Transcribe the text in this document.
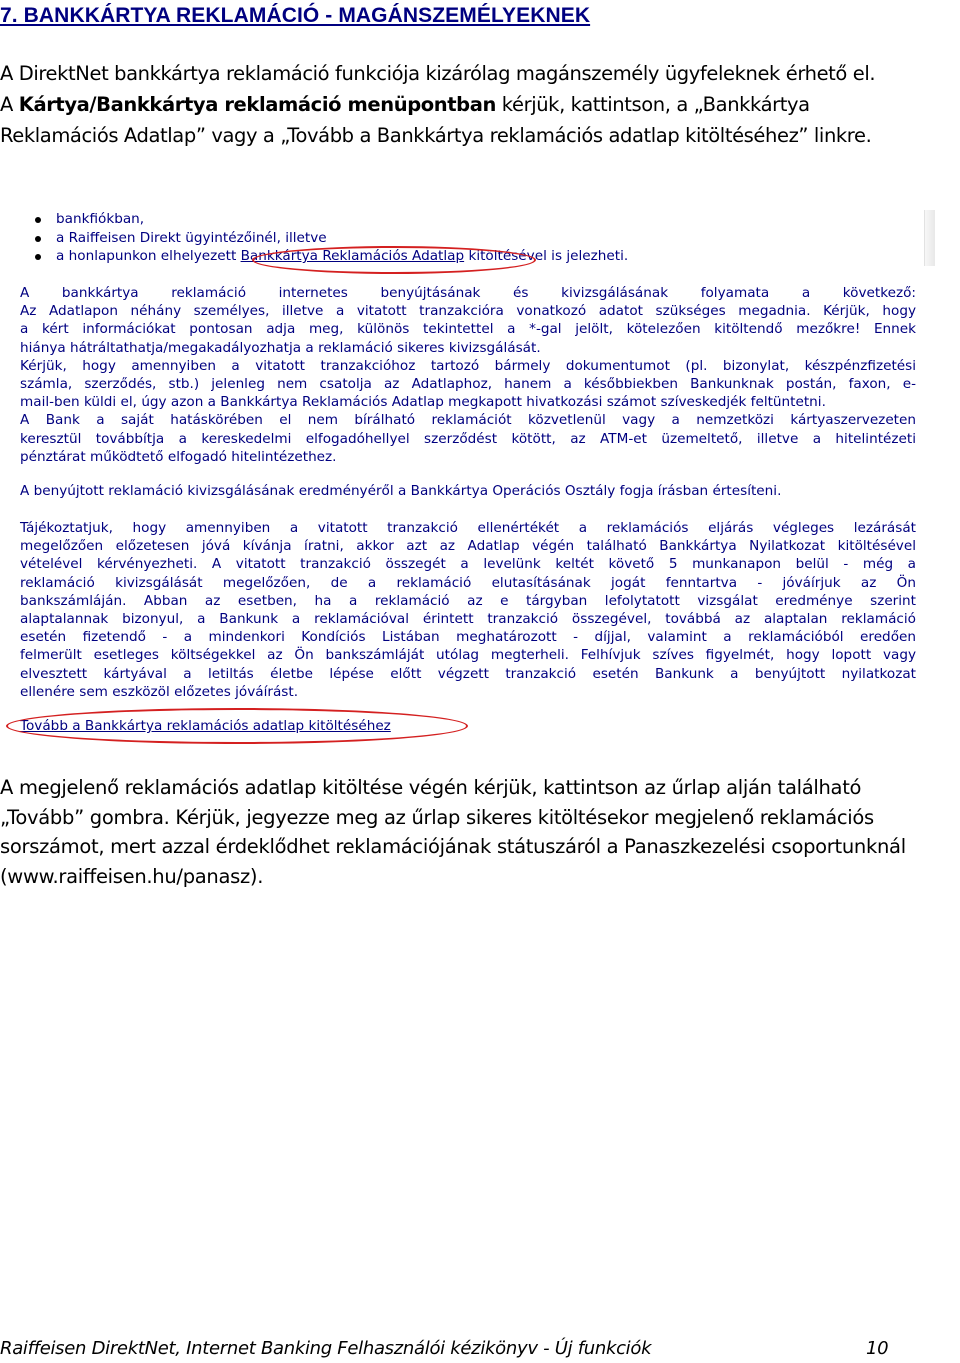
7. BANKKÁRTYA REKLAMÁCIÓ - MAGÁNSZEMÉLYEKNEK
A DirektNet bankkártya reklamáció funkciója kizárólag magánszemély ügyfeleknek érhető el.
A Kártya/Bankkártya reklamáció menüpontban kérjük, kattintson, a „Bankkártya
Reklamációs Adatlap” vagy a „Tovább a Bankkártya reklamációs adatlap kitöltéséhez” linkre.
bankfiókban,
a Raiffeisen Direkt ügyintézőinél, illetve
a honlapunkon elhelyezett Bankkártya Reklamációs Adatlap kitöltésével is jelezheti.
A bankkártya reklamáció internetes benyújtásának és kivizsgálásának folyamata a következő:
Az Adatlapon néhány személyes, illetve a vitatott tranzakcióra vonatkozó adatot szükséges megadnia. Kérjük, hogy
a kért információkat pontosan adja meg, különös tekintettel a *-gal jelölt, kötelezően kitöltendő mezőkre! Ennek
hiánya hátráltathatja/megakadályozhatja a reklamáció sikeres kivizsgálását.
Kérjük, hogy amennyiben a vitatott tranzakcióhoz tartozó bármely dokumentumot (pl. bizonylat, készpénzfizetési
számla, szerződés, stb.) jelenleg nem csatolja az Adatlaphoz, hanem a későbbiekben Bankunknak postán, faxon, e-
mail-ben küldi el, úgy azon a Bankkártya Reklamációs Adatlap megkapott hivatkozási számot szíveskedjék feltüntetni.
A Bank a saját hatáskörében el nem bírálható reklamációt közvetlenül vagy a nemzetközi kártyaszervezeten
keresztül továbbítja a kereskedelmi elfogadóhellyel szerződést kötött, az ATM-et üzemeltető, illetve a hitelintézeti
pénztárat működtető elfogadó hitelintézethez.
A benyújtott reklamáció kivizsgálásának eredményéről a Bankkártya Operációs Osztály fogja írásban értesíteni.
Tájékoztatjuk, hogy amennyiben a vitatott tranzakció ellenértékét a reklamációs eljárás végleges lezárását
megelőzően előzetesen jóvá kívánja íratni, akkor azt az Adatlap végén található Bankkártya Nyilatkozat kitöltésével
vételével kérvényezheti. A vitatott tranzakció összegét a levelünk keltét követő 5 munkanapon belül - még a
reklamáció kivizsgálását megelőzően, de a reklamáció elutasításának jogát fenntartva - jóváírjuk az Ön
bankszámláján. Abban az esetben, ha a reklamáció az e tárgyban lefolytatott vizsgálat eredménye szerint
alaptalannak bizonyul, a Bankunk a reklamációval érintett tranzakció összegével, továbbá az alaptalan reklamáció
esetén fizetendő - a mindenkori Kondíciós Listában meghatározott - díjjal, valamint a reklamációból eredően
felmerült esetleges költségekkel az Ön bankszámláját utólag megterheli. Felhívjuk szíves figyelmét, hogy lopott vagy
elvesztett kártyával a letiltás életbe lépése előtt végzett tranzakció esetén Bankunk a benyújtott nyilatkozat
ellenére sem eszközöl előzetes jóváírást.
Tovább a Bankkártya reklamációs adatlap kitöltéséhez
A megjelenő reklamációs adatlap kitöltése végén kérjük, kattintson az űrlap alján található
„Tovább” gombra. Kérjük, jegyezze meg az űrlap sikeres kitöltésekor megjelenő reklamációs
sorszámot, mert azzal érdeklődhet reklamációjának státuszáról a Panaszkezelési csoportunknál
(www.raiffeisen.hu/panasz).
Raiffeisen DirektNet, Internet Banking Felhasználói kézikönyv - Új funkciók	10
